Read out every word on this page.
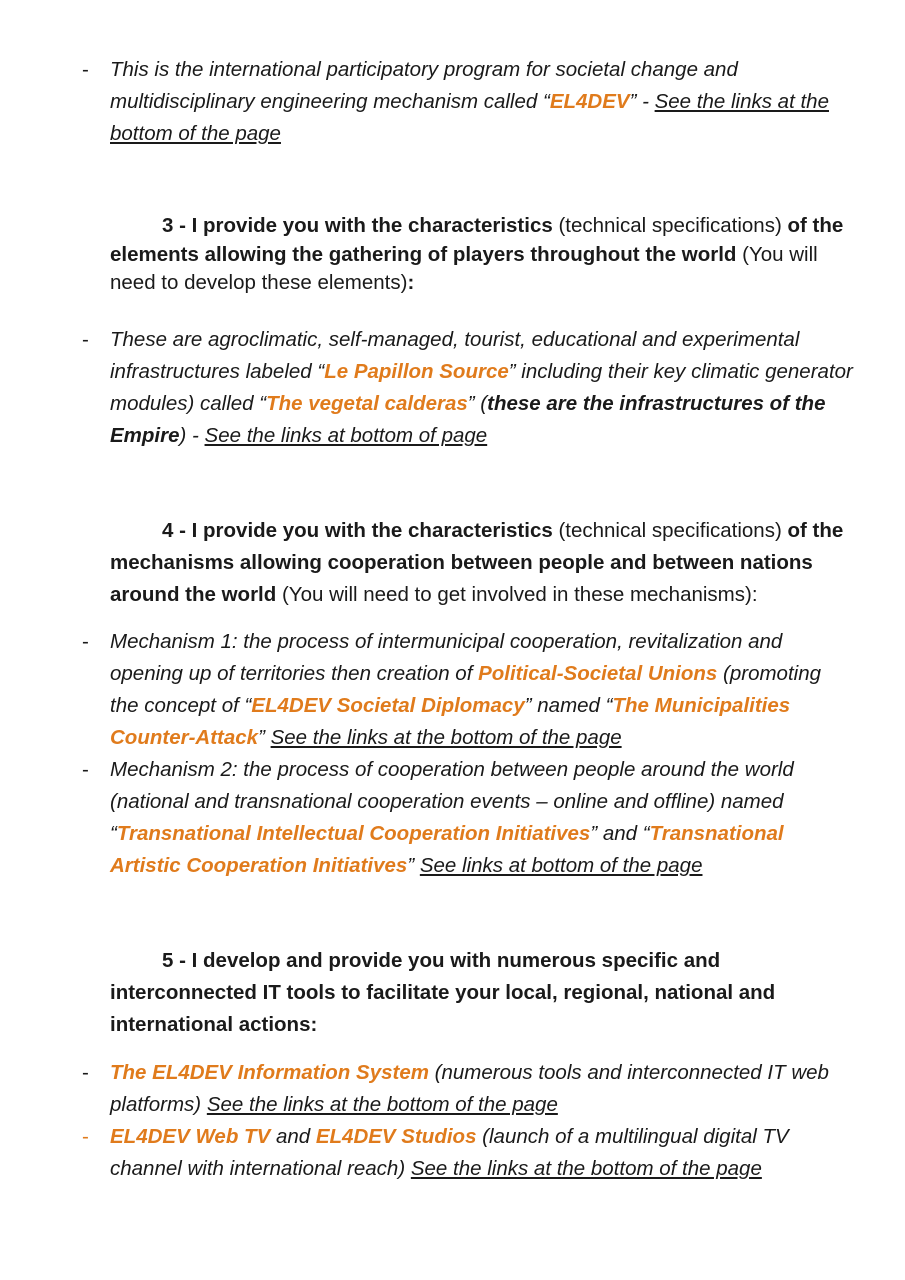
- This is the international participatory program for societal change and multidisciplinary engineering mechanism called “EL4DEV” - See the links at the bottom of the page
3 - I provide you with the characteristics (technical specifications) of the elements allowing the gathering of players throughout the world (You will need to develop these elements):
- These are agroclimatic, self-managed, tourist, educational and experimental infrastructures labeled “Le Papillon Source” including their key climatic generator modules) called “The vegetal calderas” (these are the infrastructures of the Empire) - See the links at bottom of page
4 - I provide you with the characteristics (technical specifications) of the mechanisms allowing cooperation between people and between nations around the world (You will need to get involved in these mechanisms):
- Mechanism 1: the process of intermunicipal cooperation, revitalization and opening up of territories then creation of Political-Societal Unions (promoting the concept of “EL4DEV Societal Diplomacy” named “The Municipalities Counter-Attack” See the links at the bottom of the page
- Mechanism 2: the process of cooperation between people around the world (national and transnational cooperation events – online and offline) named “Transnational Intellectual Cooperation Initiatives” and “Transnational Artistic Cooperation Initiatives” See links at bottom of the page
5 - I develop and provide you with numerous specific and interconnected IT tools to facilitate your local, regional, national and international actions:
- The EL4DEV Information System (numerous tools and interconnected IT web platforms) See the links at the bottom of the page
- EL4DEV Web TV and EL4DEV Studios (launch of a multilingual digital TV channel with international reach) See the links at the bottom of the page
